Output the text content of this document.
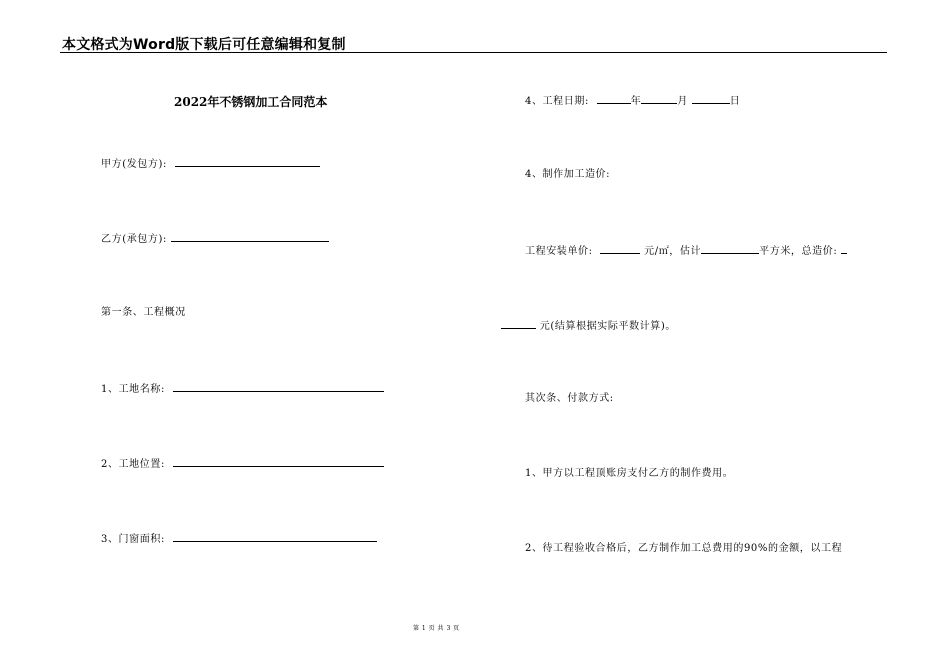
本文格式为Word版下载后可任意编辑和复制
2022年不锈钢加工合同范本
甲方(发包方):
乙方(承包方):
第一条、工程概况
1、工地名称:
2、工地位置:
3、门窗面积:
4、工程日期:	年	月	日
4、制作加工造价:
工程安装单价:	元/㎡，估计	平方米，总造价:
元(结算根据实际平数计算)。
其次条、付款方式:
1、甲方以工程顶账房支付乙方的制作费用。
2、待工程验收合格后，乙方制作加工总费用的90%的金额，以工程
第 1 页 共 3 页
